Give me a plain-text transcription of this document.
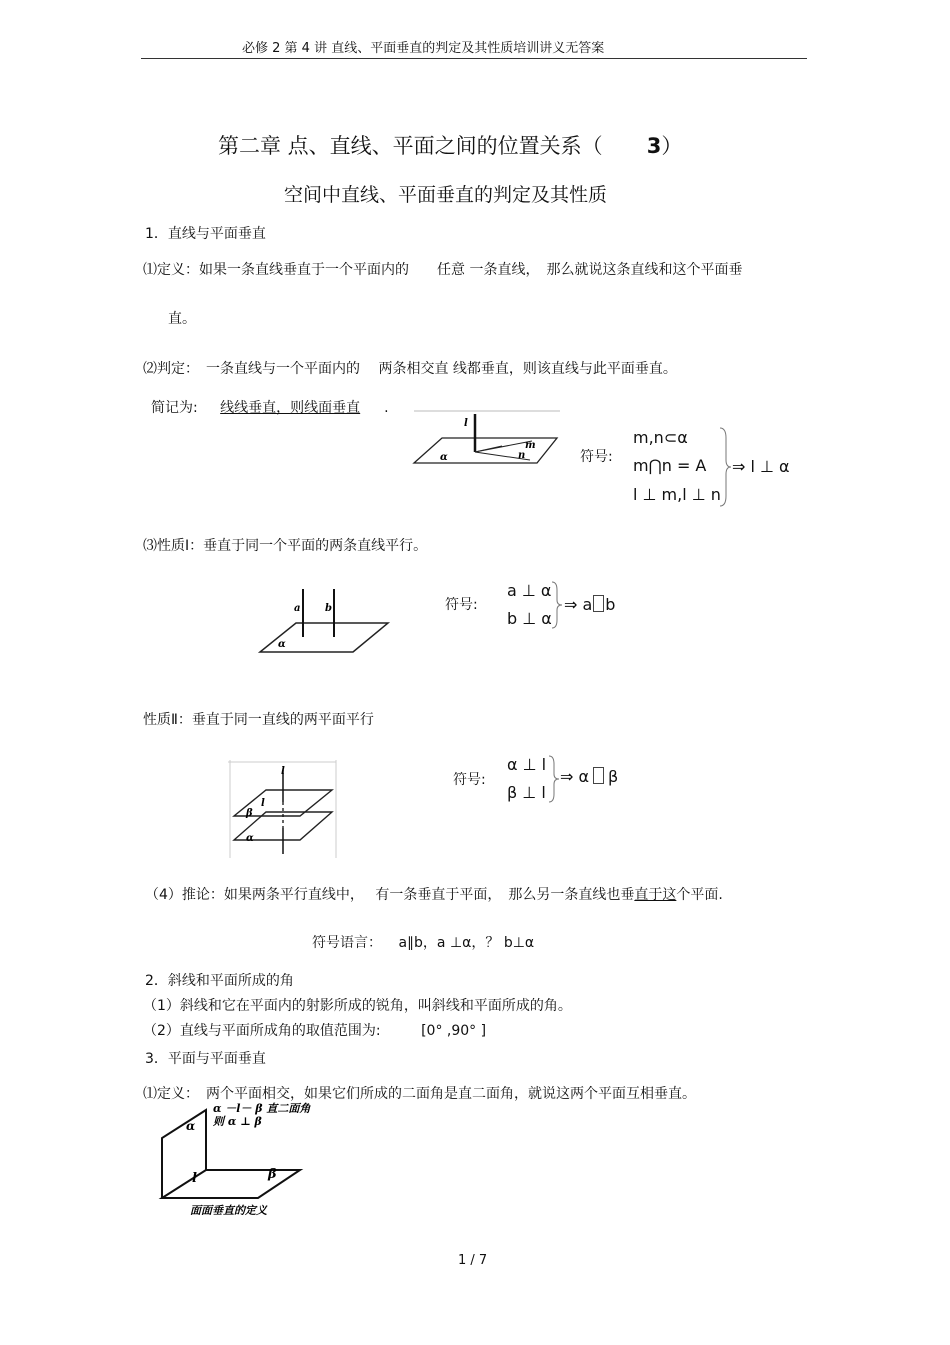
必修 2 第 4 讲 直线、平面垂直的判定及其性质培训讲义无答案
第二章 点、直线、平面之间的位置关系（ 3）
空间中直线、平面垂直的判定及其性质
1．直线与平面垂直
⑴定义：如果一条直线垂直于一个平面内的　　任意 一条直线，　那么就说这条直线和这个平面垂
直。
⑵判定：　一条直线与一个平面内的　 两条相交直 线都垂直，则该直线与此平面垂直。
简记为: 线线垂直，则线面垂直 .
l
α
m
n	符号:
m,n⊂α
m⋂n = A
l ⊥ m,l ⊥ n
⇒ l ⊥ α
⑶性质Ⅰ：垂直于同一个平面的两条直线平行。
a b
α
符号:
a ⊥ α
b ⊥ α
⇒ a b
性质Ⅱ：垂直于同一直线的两平面平行
l
l
β
α
符号:
α ⊥ l
β ⊥ l
⇒ α β
（4）推论：如果两条平行直线中，　 有一条垂直于平面，　那么另一条直线也垂直于这个平面.
符号语言： a∥b，a ⊥α，？ b⊥α
2．斜线和平面所成的角
（1）斜线和它在平面内的射影所成的锐角，叫斜线和平面所成的角。
（2）直线与平面所成角的取值范围为:	[0° ,90° ]
3．平面与平面垂直
⑴定义：　两个平面相交，如果它们所成的二面角是直二面角，就说这两个平面互相垂直。
α －l－ β 直二面角
则 α ⊥ β
α
β
l
面面垂直的定义
1 / 7
